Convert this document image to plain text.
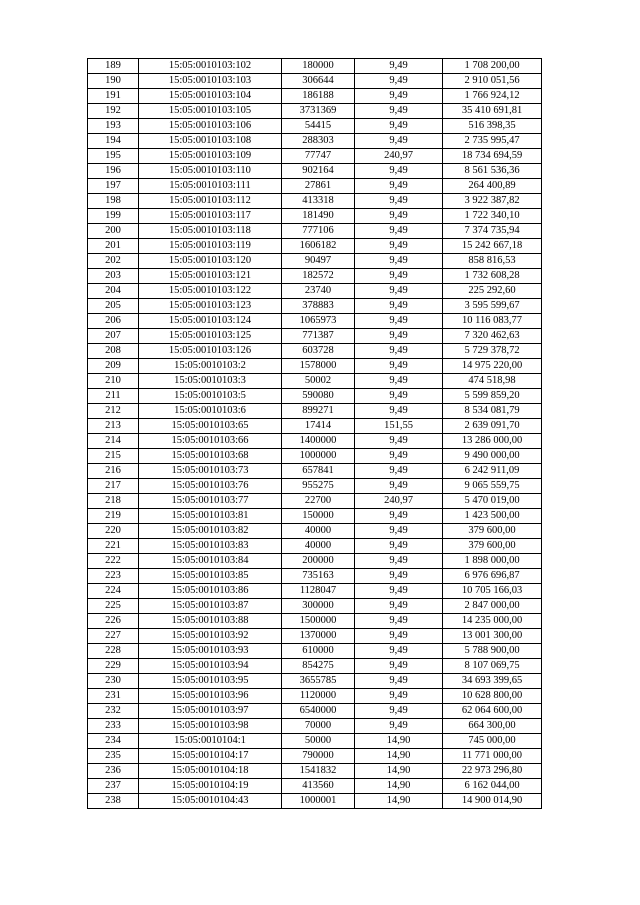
189	15:05:0010103:102	180000	9,49	1 708 200,00
190	15:05:0010103:103	306644	9,49	2 910 051,56
191	15:05:0010103:104	186188	9,49	1 766 924,12
192	15:05:0010103:105	3731369	9,49	35 410 691,81
193	15:05:0010103:106	54415	9,49	516 398,35
194	15:05:0010103:108	288303	9,49	2 735 995,47
195	15:05:0010103:109	77747	240,97	18 734 694,59
196	15:05:0010103:110	902164	9,49	8 561 536,36
197	15:05:0010103:111	27861	9,49	264 400,89
198	15:05:0010103:112	413318	9,49	3 922 387,82
199	15:05:0010103:117	181490	9,49	1 722 340,10
200	15:05:0010103:118	777106	9,49	7 374 735,94
201	15:05:0010103:119	1606182	9,49	15 242 667,18
202	15:05:0010103:120	90497	9,49	858 816,53
203	15:05:0010103:121	182572	9,49	1 732 608,28
204	15:05:0010103:122	23740	9,49	225 292,60
205	15:05:0010103:123	378883	9,49	3 595 599,67
206	15:05:0010103:124	1065973	9,49	10 116 083,77
207	15:05:0010103:125	771387	9,49	7 320 462,63
208	15:05:0010103:126	603728	9,49	5 729 378,72
209	15:05:0010103:2	1578000	9,49	14 975 220,00
210	15:05:0010103:3	50002	9,49	474 518,98
211	15:05:0010103:5	590080	9,49	5 599 859,20
212	15:05:0010103:6	899271	9,49	8 534 081,79
213	15:05:0010103:65	17414	151,55	2 639 091,70
214	15:05:0010103:66	1400000	9,49	13 286 000,00
215	15:05:0010103:68	1000000	9,49	9 490 000,00
216	15:05:0010103:73	657841	9,49	6 242 911,09
217	15:05:0010103:76	955275	9,49	9 065 559,75
218	15:05:0010103:77	22700	240,97	5 470 019,00
219	15:05:0010103:81	150000	9,49	1 423 500,00
220	15:05:0010103:82	40000	9,49	379 600,00
221	15:05:0010103:83	40000	9,49	379 600,00
222	15:05:0010103:84	200000	9,49	1 898 000,00
223	15:05:0010103:85	735163	9,49	6 976 696,87
224	15:05:0010103:86	1128047	9,49	10 705 166,03
225	15:05:0010103:87	300000	9,49	2 847 000,00
226	15:05:0010103:88	1500000	9,49	14 235 000,00
227	15:05:0010103:92	1370000	9,49	13 001 300,00
228	15:05:0010103:93	610000	9,49	5 788 900,00
229	15:05:0010103:94	854275	9,49	8 107 069,75
230	15:05:0010103:95	3655785	9,49	34 693 399,65
231	15:05:0010103:96	1120000	9,49	10 628 800,00
232	15:05:0010103:97	6540000	9,49	62 064 600,00
233	15:05:0010103:98	70000	9,49	664 300,00
234	15:05:0010104:1	50000	14,90	745 000,00
235	15:05:0010104:17	790000	14,90	11 771 000,00
236	15:05:0010104:18	1541832	14,90	22 973 296,80
237	15:05:0010104:19	413560	14,90	6 162 044,00
238	15:05:0010104:43	1000001	14,90	14 900 014,90
